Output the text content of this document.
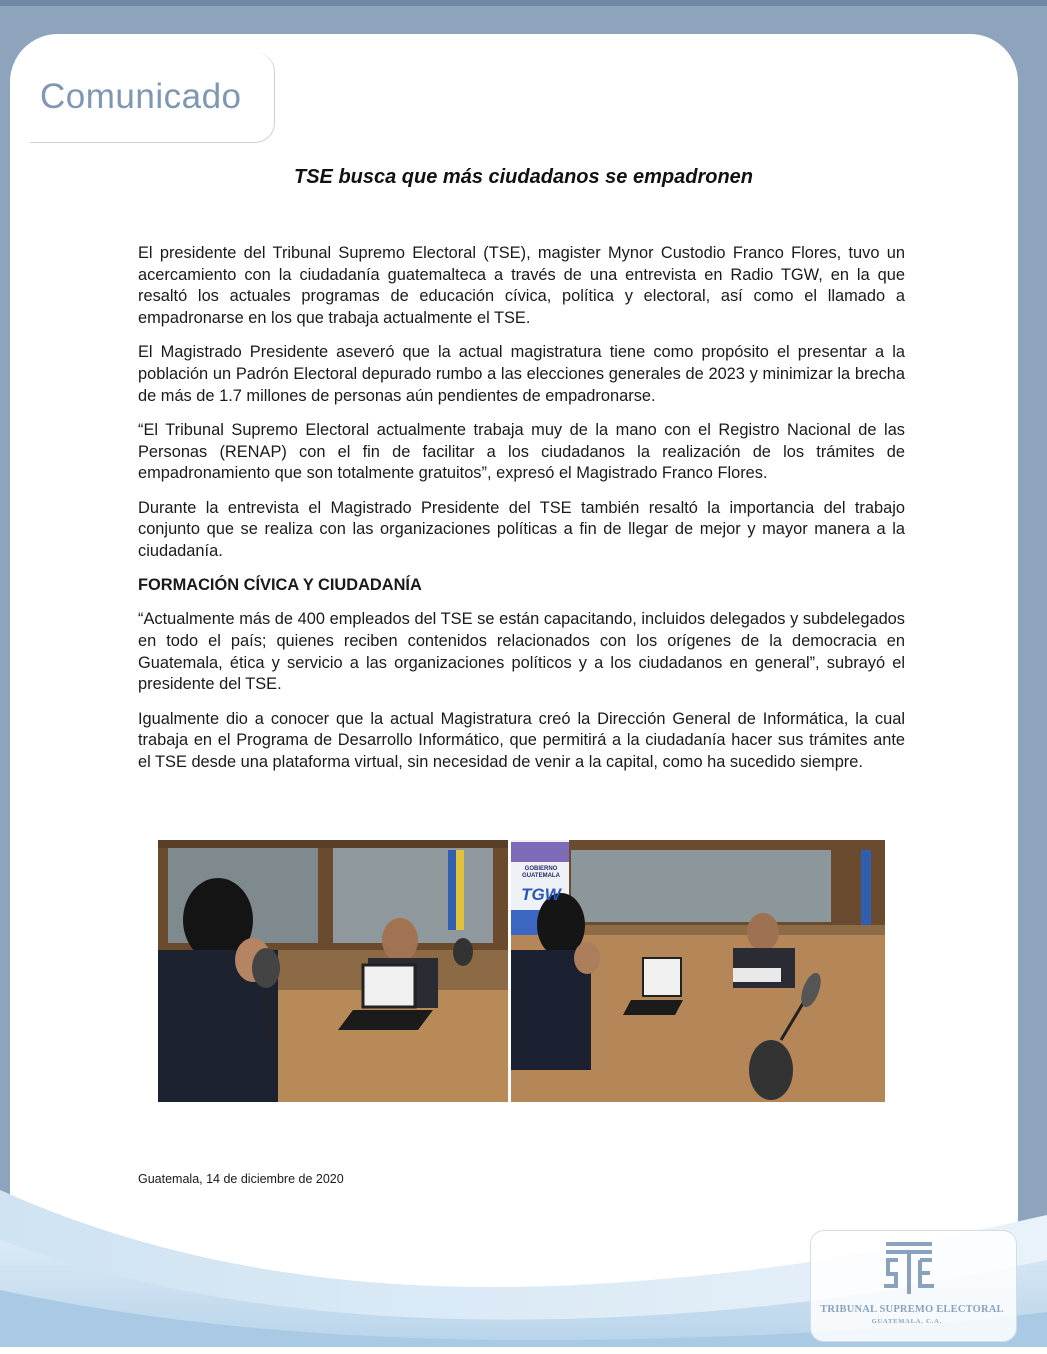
Comunicado
TSE busca que más ciudadanos se empadronen

El presidente del Tribunal Supremo Electoral (TSE), magister Mynor Custodio Franco Flores, tuvo un acercamiento con la ciudadanía guatemalteca a través de una entrevista en Radio TGW, en la que resaltó los actuales programas de educación cívica, política y electoral, así como el llamado a empadronarse en los que trabaja actualmente el TSE.

El Magistrado Presidente aseveró que la actual magistratura tiene como propósito el presentar a la población un Padrón Electoral depurado rumbo a las elecciones generales de 2023 y minimizar la brecha de más de 1.7 millones de personas aún pendientes de empadronarse.

“El Tribunal Supremo Electoral actualmente trabaja muy de la mano con el Registro Nacional de las Personas (RENAP) con el fin de facilitar a los ciudadanos la realización de los trámites de empadronamiento que son totalmente gratuitos”, expresó el Magistrado Franco Flores.

Durante la entrevista el Magistrado Presidente del TSE también resaltó la importancia del trabajo conjunto que se realiza con las organizaciones políticas a fin de llegar de mejor y mayor manera a la ciudadanía.

FORMACIÓN CÍVICA Y CIUDADANÍA

“Actualmente más de 400 empleados del TSE se están capacitando, incluidos delegados y subdelegados en todo el país; quienes reciben contenidos relacionados con los orígenes de la democracia en Guatemala, ética y servicio a las organizaciones políticos y a los ciudadanos en general”, subrayó el presidente del TSE.

Igualmente dio a conocer que la actual Magistratura creó la Dirección General de Informática, la cual trabaja en el Programa de Desarrollo Informático, que permitirá a la ciudadanía hacer sus trámites ante el TSE desde una plataforma virtual, sin necesidad de venir a la capital, como ha sucedido siempre.

GOBIERNO GUATEMALA
TGW

Guatemala, 14 de diciembre de 2020

TRIBUNAL SUPREMO ELECTORAL
GUATEMALA, C.A.
